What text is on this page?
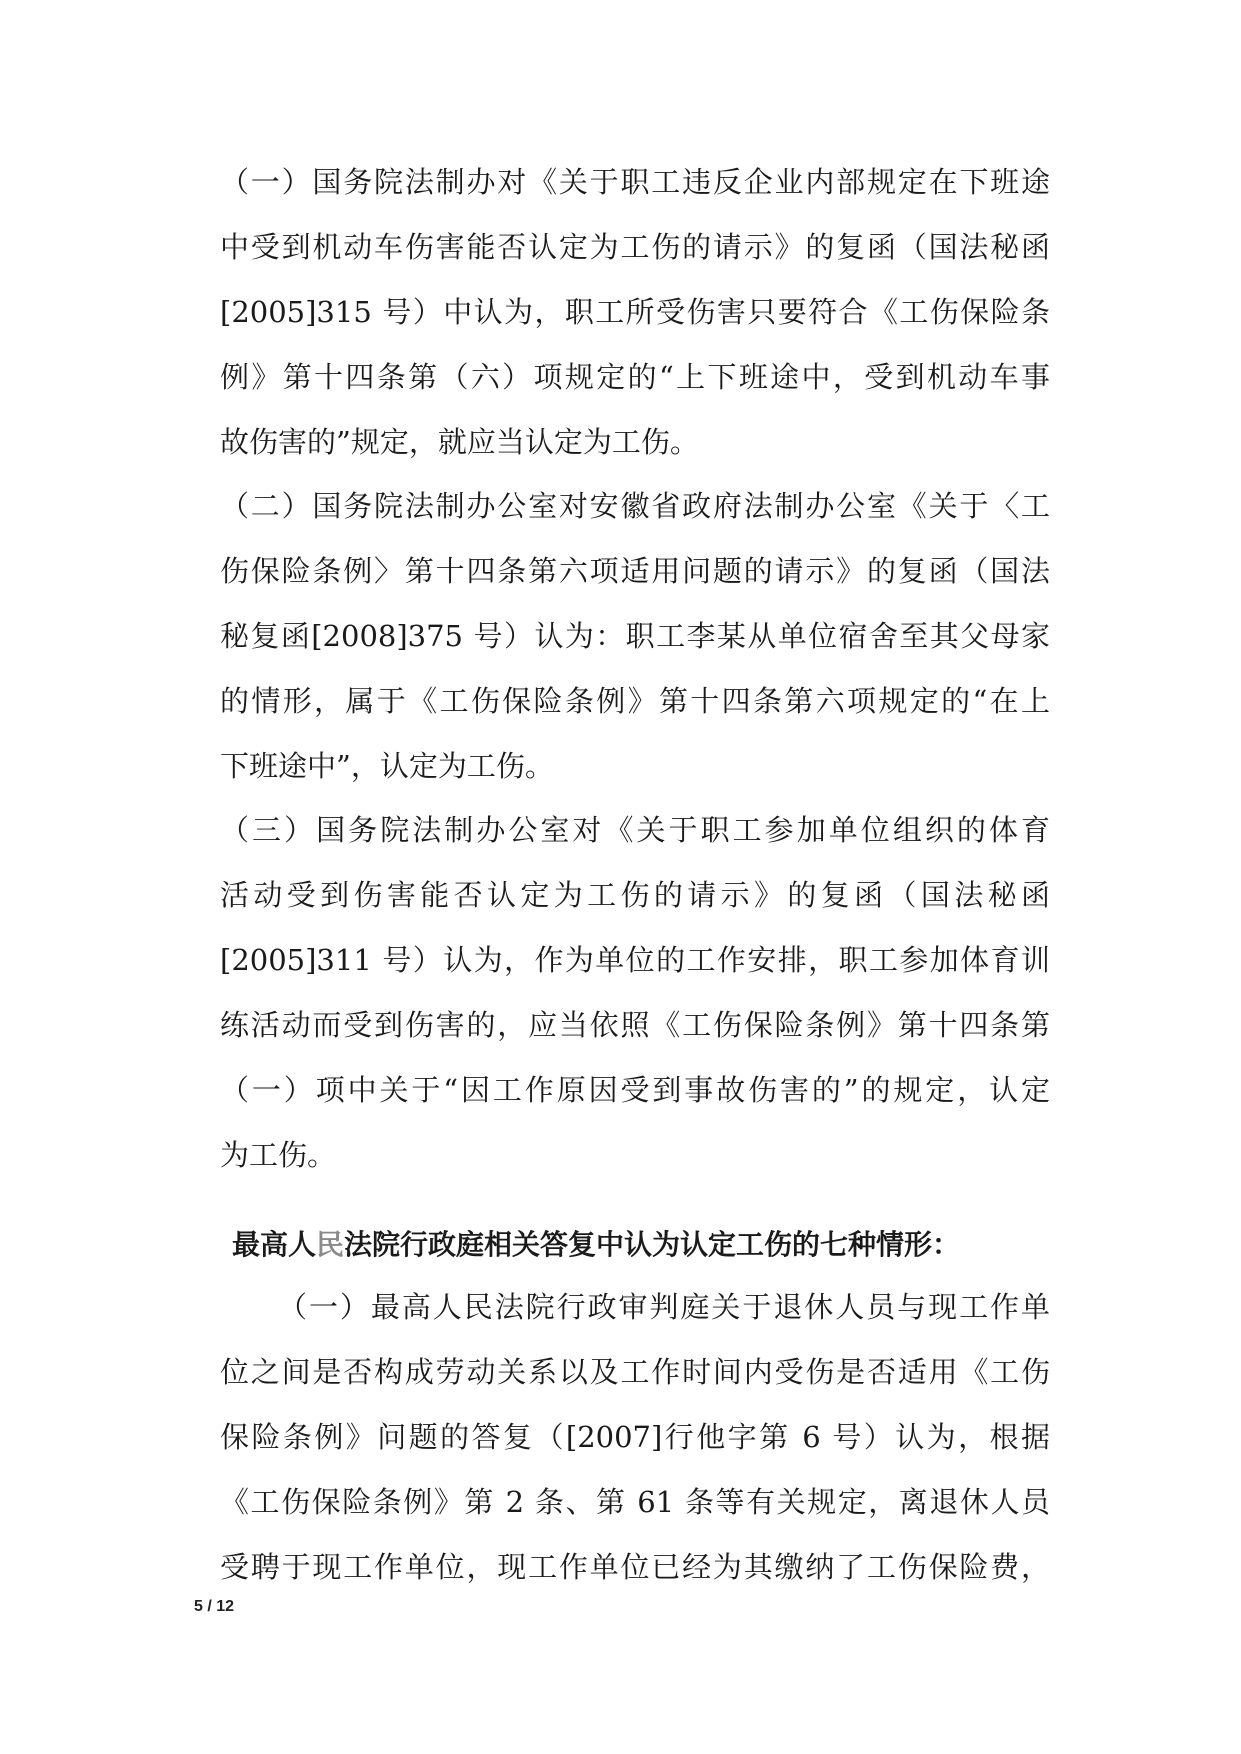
（一）国务院法制办对《关于职工违反企业内部规定在下班途
中受到机动车伤害能否认定为工伤的请示》的复函（国法秘函
[2005]315 号）中认为，职工所受伤害只要符合《工伤保险条
例》第十四条第（六）项规定的“上下班途中，受到机动车事
故伤害的”规定，就应当认定为工伤。
（二）国务院法制办公室对安徽省政府法制办公室《关于〈工
伤保险条例〉第十四条第六项适用问题的请示》的复函（国法
秘复函[2008]375 号）认为：职工李某从单位宿舍至其父母家
的情形，属于《工伤保险条例》第十四条第六项规定的“在上
下班途中”，认定为工伤。
（三）国务院法制办公室对《关于职工参加单位组织的体育
活动受到伤害能否认定为工伤的请示》的复函（国法秘函
[2005]311 号）认为，作为单位的工作安排，职工参加体育训
练活动而受到伤害的，应当依照《工伤保险条例》第十四条第
（一）项中关于“因工作原因受到事故伤害的”的规定，认定
为工伤。
最高人民法院行政庭相关答复中认为认定工伤的七种情形：
（一）最高人民法院行政审判庭关于退休人员与现工作单
位之间是否构成劳动关系以及工作时间内受伤是否适用《工伤
保险条例》问题的答复（[2007]行他字第 6 号）认为，根据
《工伤保险条例》第 2 条、第 61 条等有关规定，离退休人员
受聘于现工作单位，现工作单位已经为其缴纳了工伤保险费，
5 / 12
